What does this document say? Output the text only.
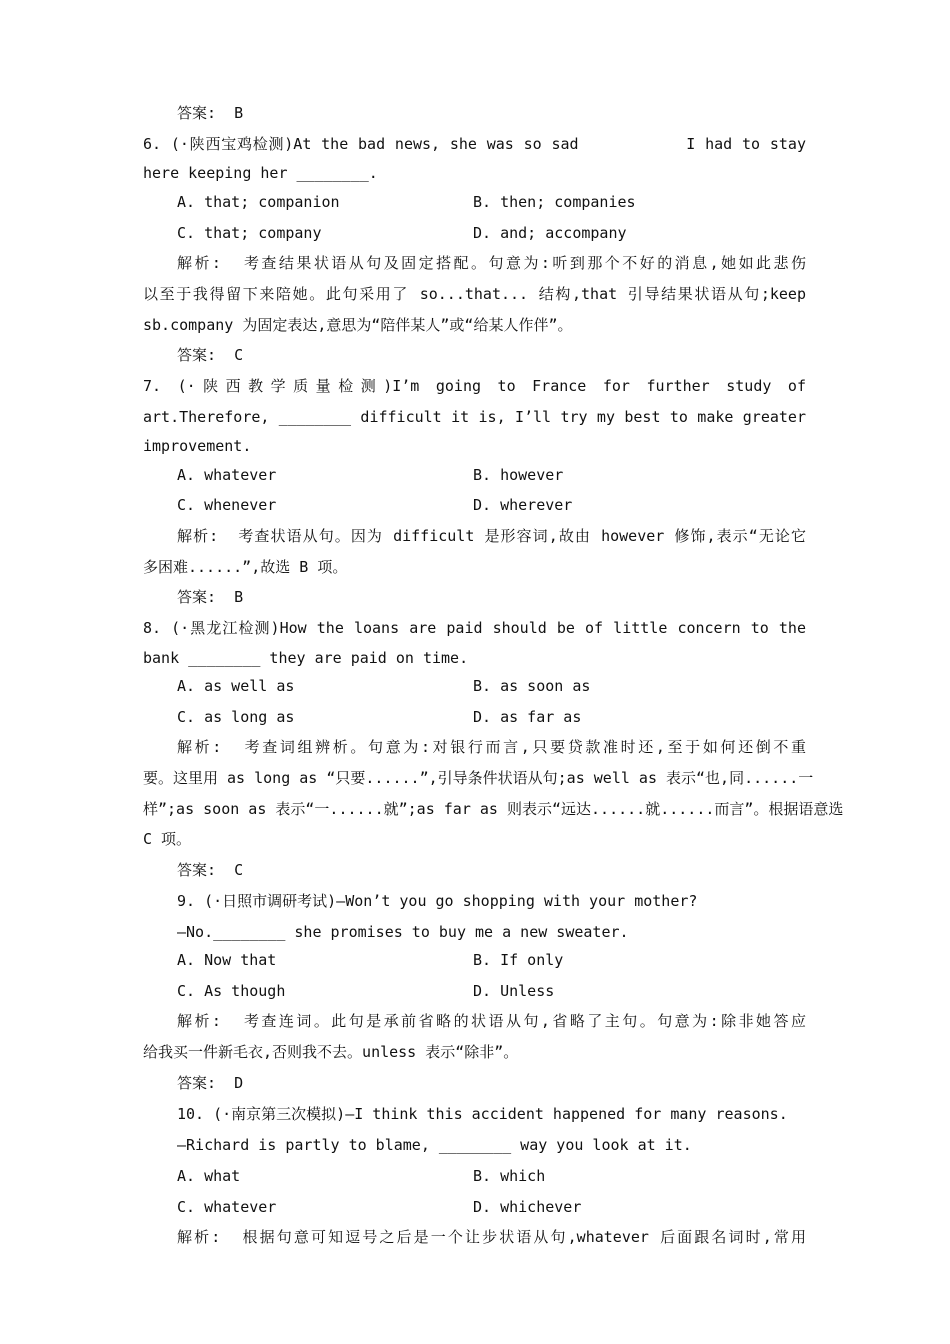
答案:  B
6. (·陕西宝鸡检测)At the bad news, she was so sad           I had to stay
here keeping her ________.
A. that; companion	B. then; companies
C. that; company	D. and; accompany
解析:  考查结果状语从句及固定搭配。句意为:听到那个不好的消息,她如此悲伤
以至于我得留下来陪她。此句采用了 so...that... 结构,that 引导结果状语从句;keep
sb.company 为固定表达,意思为“陪伴某人”或“给某人作伴”。
答案:  C
7. (·陕西教学质量检测)I’m going to France for further study of
art.Therefore, ________ difficult it is, I’ll try my best to make greater
improvement.
A. whatever	B. however
C. whenever	D. wherever
解析:  考查状语从句。因为 difficult 是形容词,故由 however 修饰,表示“无论它
多困难......”,故选 B 项。
答案:  B
8. (·黑龙江检测)How the loans are paid should be of little concern to the
bank ________ they are paid on time.
A. as well as	B. as soon as
C. as long as	D. as far as
解析:  考查词组辨析。句意为:对银行而言,只要贷款准时还,至于如何还倒不重
要。这里用 as long as “只要......”,引导条件状语从句;as well as 表示“也,同......一
样”;as soon as 表示“一......就”;as far as 则表示“远达......就......而言”。根据语意选
C 项。
答案:  C
9. (·日照市调研考试)—Won’t you go shopping with your mother?
—No.________ she promises to buy me a new sweater.
A. Now that	B. If only
C. As though	D. Unless
解析:  考查连词。此句是承前省略的状语从句,省略了主句。句意为:除非她答应
给我买一件新毛衣,否则我不去。unless 表示“除非”。
答案:  D
10. (·南京第三次模拟)—I think this accident happened for many reasons.
—Richard is partly to blame, ________ way you look at it.
A. what	B. which
C. whatever	D. whichever
解析:  根据句意可知逗号之后是一个让步状语从句,whatever 后面跟名词时,常用
